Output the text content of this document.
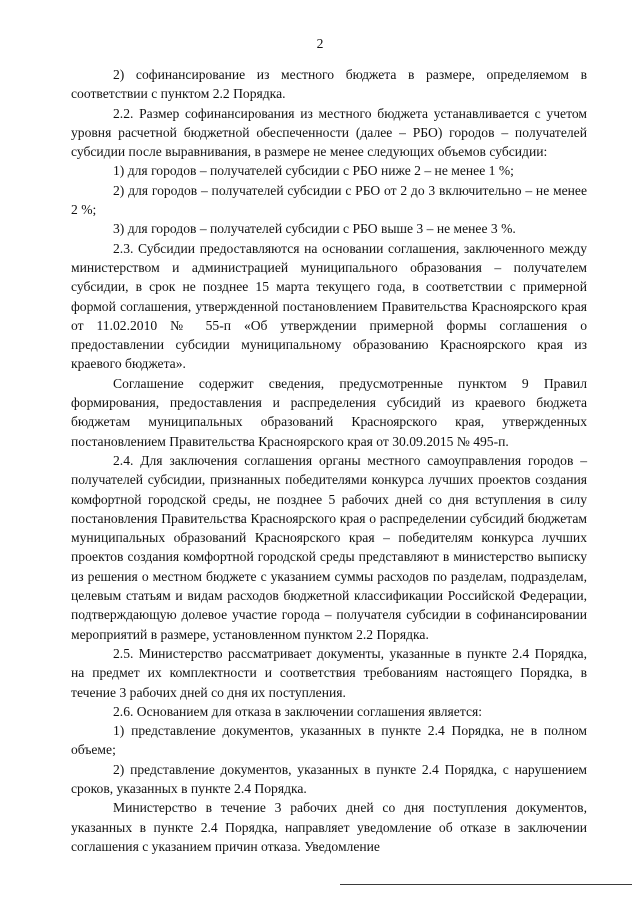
2

2) софинансирование из местного бюджета в размере, определяемом в соответствии с пунктом 2.2 Порядка.

2.2. Размер софинансирования из местного бюджета устанавливается с учетом уровня расчетной бюджетной обеспеченности (далее – РБО) городов – получателей субсидии после выравнивания, в размере не менее следующих объемов субсидии:

1) для городов – получателей субсидии с РБО ниже 2 – не менее 1 %;

2) для городов – получателей субсидии с РБО от 2 до 3 включительно – не менее 2 %;

3) для городов – получателей субсидии с РБО выше 3 – не менее 3 %.

2.3. Субсидии предоставляются на основании соглашения, заключенного между министерством и администрацией муниципального образования – получателем субсидии, в срок не позднее 15 марта текущего года, в соответствии с примерной формой соглашения, утвержденной постановлением Правительства Красноярского края от 11.02.2010 № 55-п «Об утверждении примерной формы соглашения о предоставлении субсидии муниципальному образованию Красноярского края из краевого бюджета».

Соглашение содержит сведения, предусмотренные пунктом 9 Правил формирования, предоставления и распределения субсидий из краевого бюджета бюджетам муниципальных образований Красноярского края, утвержденных постановлением Правительства Красноярского края от 30.09.2015 № 495-п.

2.4. Для заключения соглашения органы местного самоуправления городов – получателей субсидии, признанных победителями конкурса лучших проектов создания комфортной городской среды, не позднее 5 рабочих дней со дня вступления в силу постановления Правительства Красноярского края о распределении субсидий бюджетам муниципальных образований Красноярского края – победителям конкурса лучших проектов создания комфортной городской среды представляют в министерство выписку из решения о местном бюджете с указанием суммы расходов по разделам, подразделам, целевым статьям и видам расходов бюджетной классификации Российской Федерации, подтверждающую долевое участие города – получателя субсидии в софинансировании мероприятий в размере, установленном пунктом 2.2 Порядка.

2.5. Министерство рассматривает документы, указанные в пункте 2.4 Порядка, на предмет их комплектности и соответствия требованиям настоящего Порядка, в течение 3 рабочих дней со дня их поступления.

2.6. Основанием для отказа в заключении соглашения является:

1) представление документов, указанных в пункте 2.4 Порядка, не в полном объеме;

2) представление документов, указанных в пункте 2.4 Порядка, с нарушением сроков, указанных в пункте 2.4 Порядка.

Министерство в течение 3 рабочих дней со дня поступления документов, указанных в пункте 2.4 Порядка, направляет уведомление об отказе в заключении соглашения с указанием причин отказа. Уведомление
